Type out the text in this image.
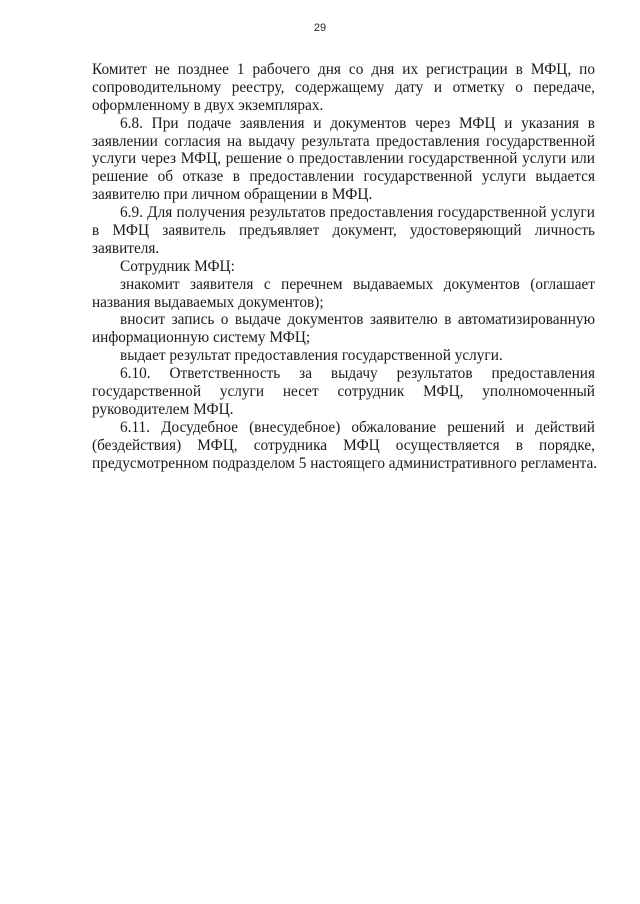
29
Комитет не позднее 1 рабочего дня со дня их регистрации в МФЦ, по
сопроводительному реестру, содержащему дату и отметку о передаче,
оформленному в двух экземплярах.
6.8. При подаче заявления и документов через МФЦ и указания в
заявлении согласия на выдачу результата предоставления государственной
услуги через МФЦ, решение о предоставлении государственной услуги или
решение об отказе в предоставлении государственной услуги выдается
заявителю при личном обращении в МФЦ.
6.9. Для получения результатов предоставления государственной услуги
в МФЦ заявитель предъявляет документ, удостоверяющий личность
заявителя.
Сотрудник МФЦ:
знакомит заявителя с перечнем выдаваемых документов (оглашает
названия выдаваемых документов);
вносит запись о выдаче документов заявителю в автоматизированную
информационную систему МФЦ;
выдает результат предоставления государственной услуги.
6.10. Ответственность за выдачу результатов предоставления
государственной услуги несет сотрудник МФЦ, уполномоченный
руководителем МФЦ.
6.11. Досудебное (внесудебное) обжалование решений и действий
(бездействия) МФЦ, сотрудника МФЦ осуществляется в порядке,
предусмотренном подразделом 5 настоящего административного регламента.
